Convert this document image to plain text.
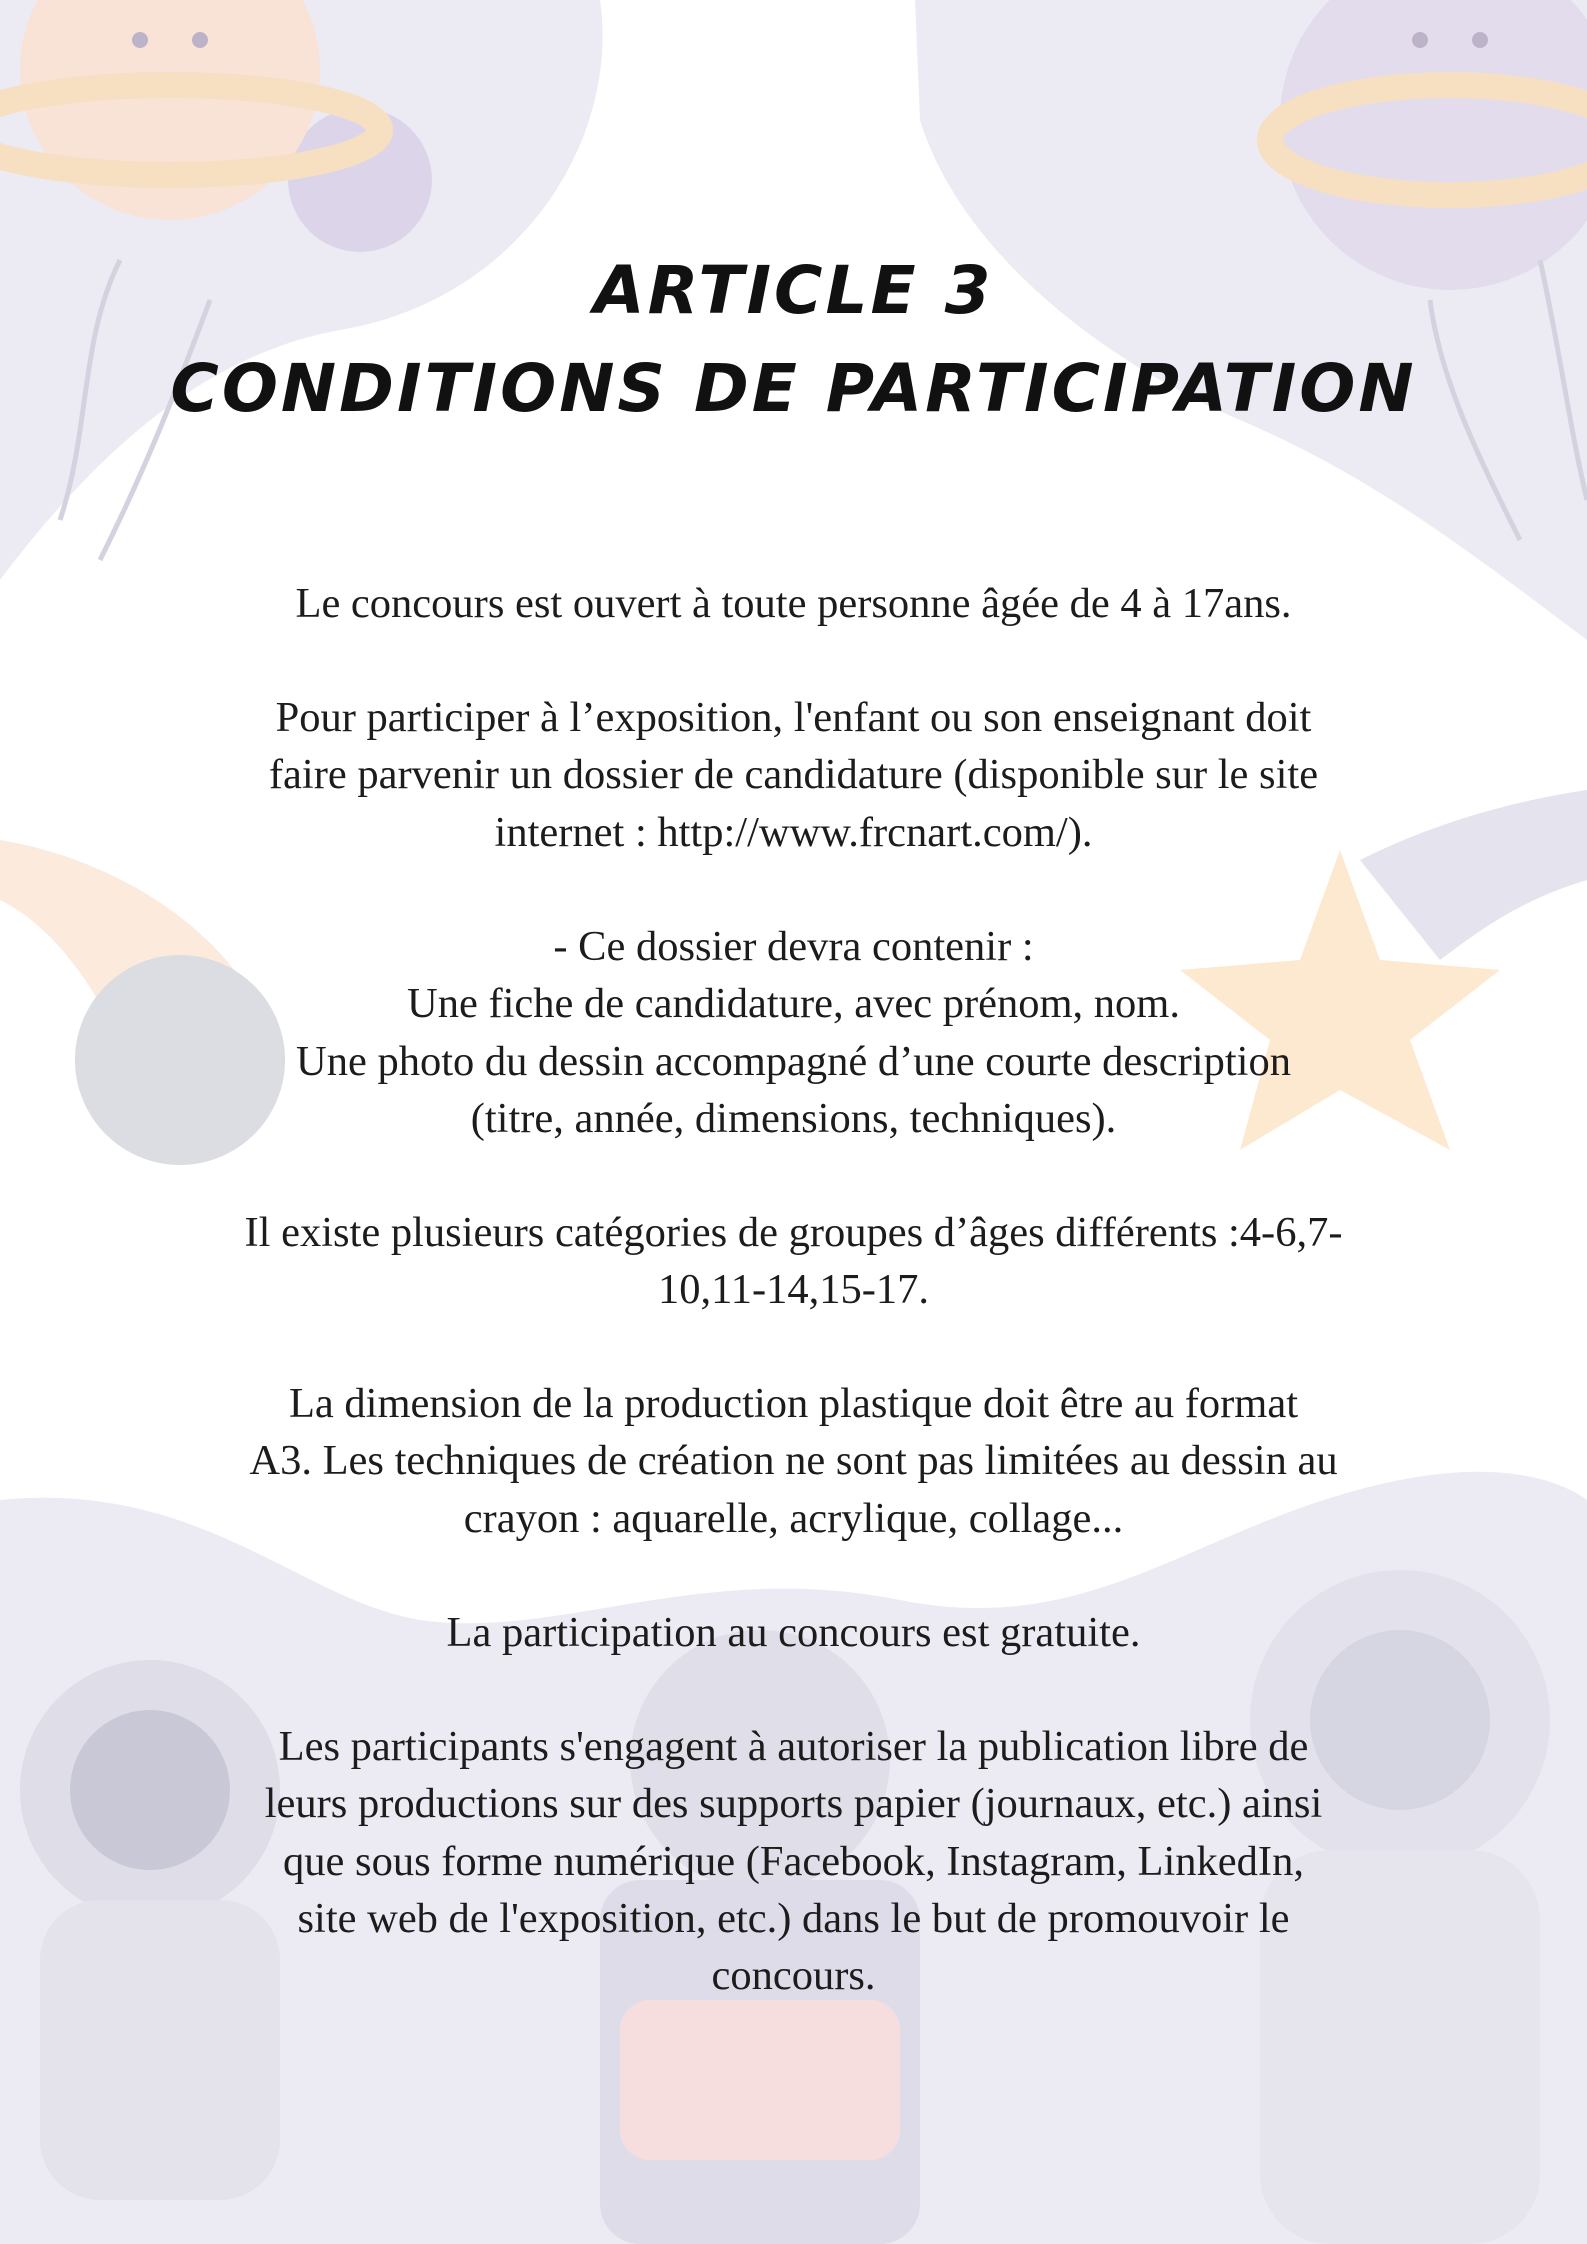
ARTICLE 3
CONDITIONS DE PARTICIPATION

Le concours est ouvert à toute personne âgée de 4 à 17ans.

Pour participer à l’exposition, l'enfant ou son enseignant doit
faire parvenir un dossier de candidature (disponible sur le site
internet : http://www.frcnart.com/).

- Ce dossier devra contenir :
Une fiche de candidature, avec prénom, nom.
Une photo du dessin accompagné d’une courte description
(titre, année, dimensions, techniques).

Il existe plusieurs catégories de groupes d’âges différents :4-6,7-
10,11-14,15-17.

La dimension de la production plastique doit être au format
A3. Les techniques de création ne sont pas limitées au dessin au
crayon : aquarelle, acrylique, collage...

La participation au concours est gratuite.

Les participants s'engagent à autoriser la publication libre de
leurs productions sur des supports papier (journaux, etc.) ainsi
que sous forme numérique (Facebook, Instagram, LinkedIn,
site web de l'exposition, etc.) dans le but de promouvoir le
concours.
